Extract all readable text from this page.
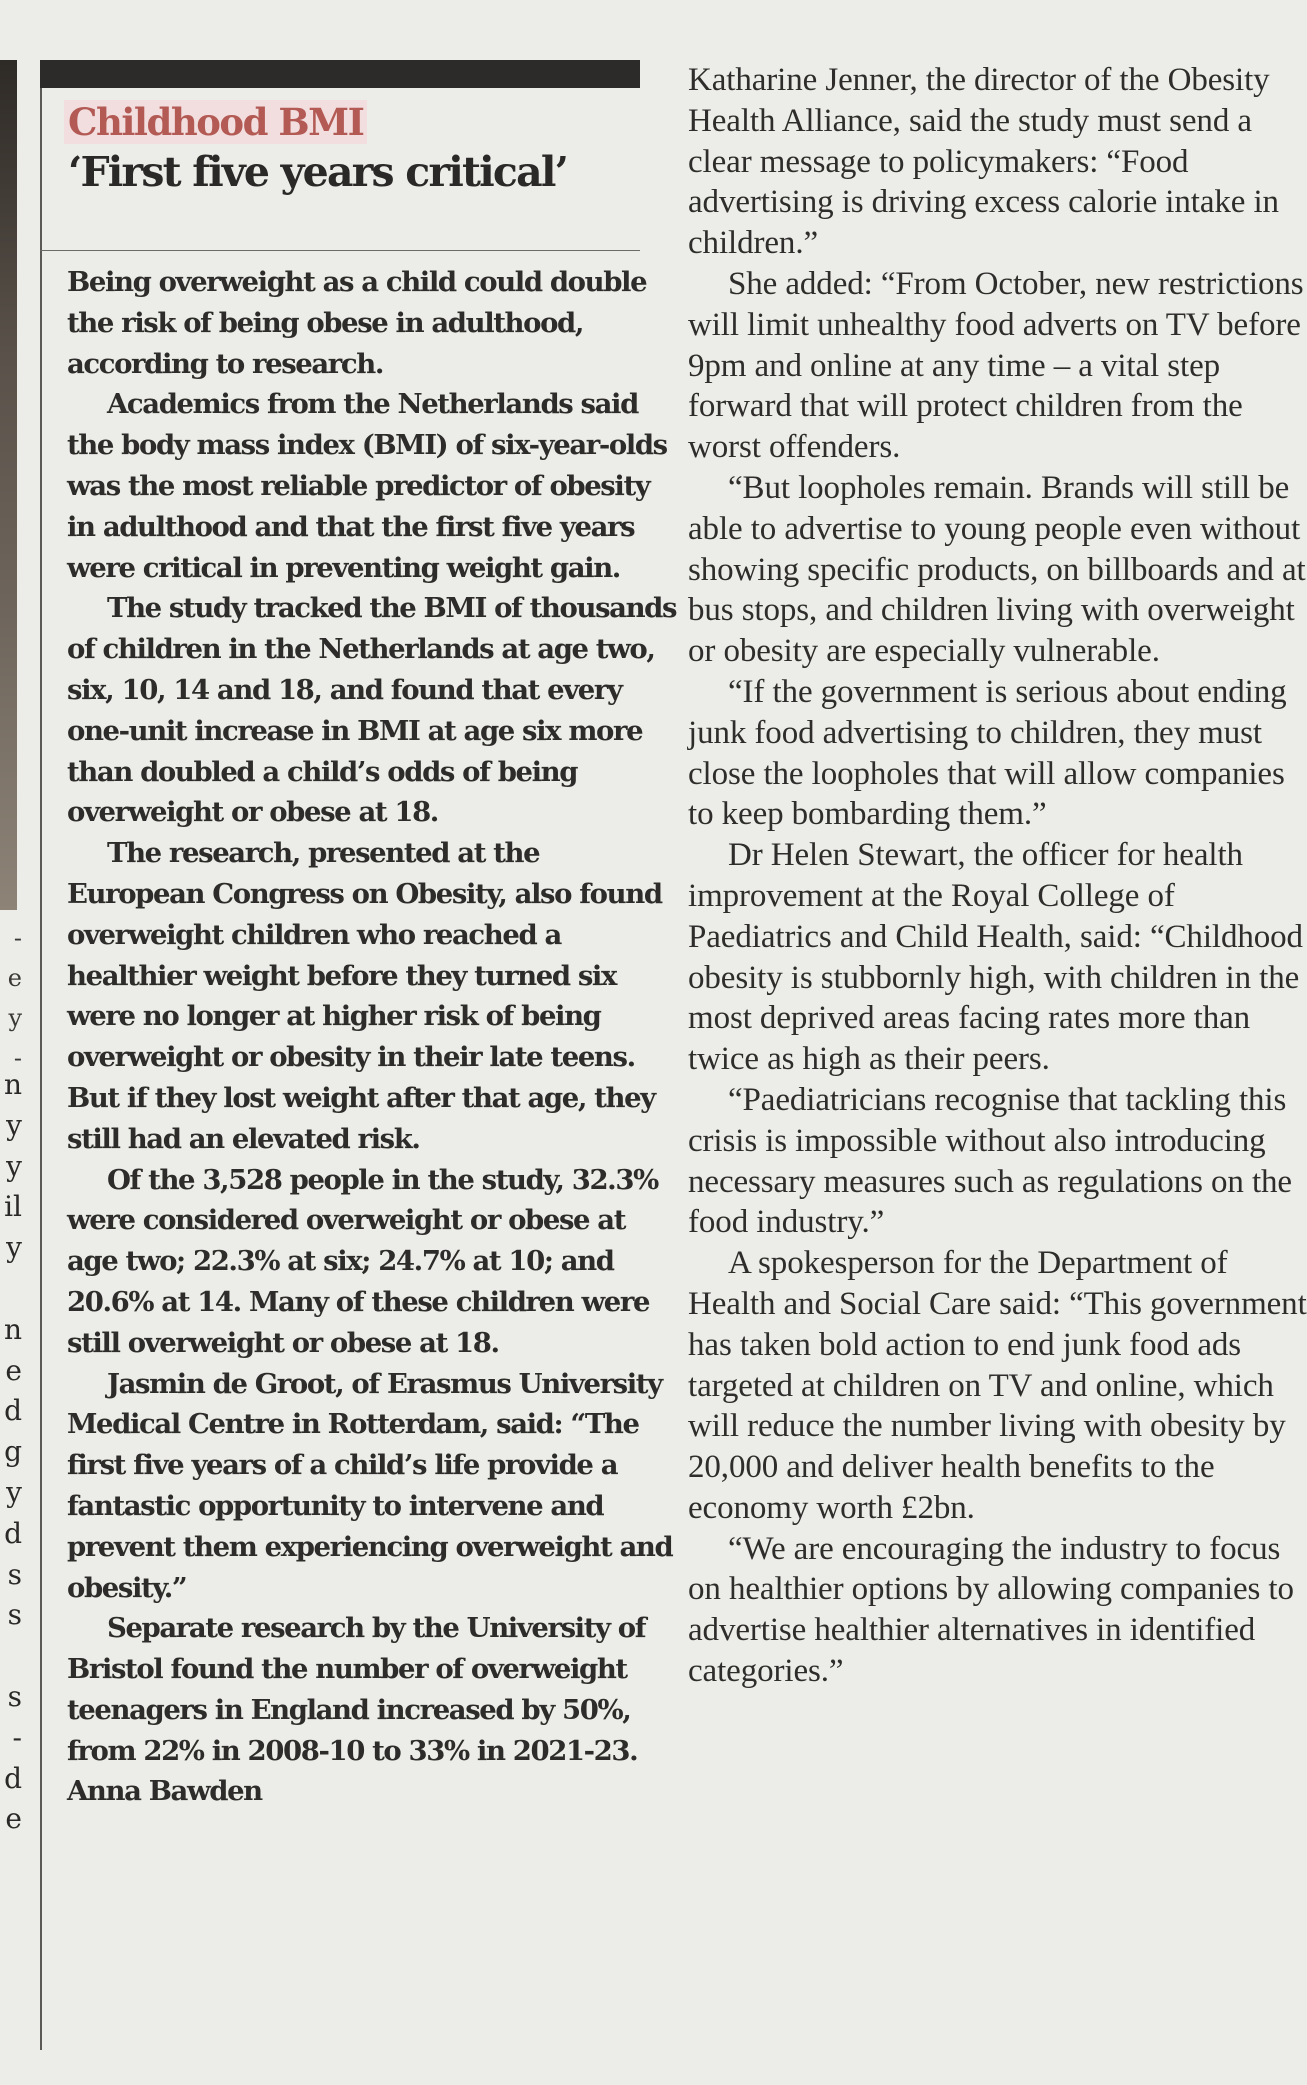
-
e
y
-
n
y
y
il
y
n
e
d
g
y
d
s
s
s
-
d
e
Childhood BMI
‘First five years critical’

Being overweight as a child could double the risk of being obese in adulthood, according to research.

Academics from the Netherlands said the body mass index (BMI) of six-year-olds was the most reliable predictor of obesity in adulthood and that the first five years were critical in preventing weight gain.

The study tracked the BMI of thousands of children in the Netherlands at age two, six, 10, 14 and 18, and found that every one-unit increase in BMI at age six more than doubled a child’s odds of being overweight or obese at 18.

The research, presented at the European Congress on Obesity, also found overweight children who reached a healthier weight before they turned six were no longer at higher risk of being overweight or obesity in their late teens. But if they lost weight after that age, they still had an elevated risk.

Of the 3,528 people in the study, 32.3% were considered overweight or obese at age two; 22.3% at six; 24.7% at 10; and 20.6% at 14. Many of these children were still overweight or obese at 18.

Jasmin de Groot, of Erasmus University Medical Centre in Rotterdam, said: “The first five years of a child’s life provide a fantastic opportunity to intervene and prevent them experiencing overweight and obesity.”

Separate research by the University of Bristol found the number of overweight teenagers in England increased by 50%, from 22% in 2008-10 to 33% in 2021-23. Anna Bawden

Katharine Jenner, the director of the Obesity Health Alliance, said the study must send a clear message to policymakers: “Food advertising is driving excess calorie intake in children.”

She added: “From October, new restrictions will limit unhealthy food adverts on TV before 9pm and online at any time – a vital step forward that will protect children from the worst offenders.

“But loopholes remain. Brands will still be able to advertise to young people even without showing specific products, on billboards and at bus stops, and children living with overweight or obesity are especially vulnerable.

“If the government is serious about ending junk food advertising to children, they must close the loopholes that will allow companies to keep bombarding them.”

Dr Helen Stewart, the officer for health improvement at the Royal College of Paediatrics and Child Health, said: “Childhood obesity is stubbornly high, with children in the most deprived areas facing rates more than twice as high as their peers.

“Paediatricians recognise that tackling this crisis is impossible without also introducing necessary measures such as regulations on the food industry.”

A spokesperson for the Department of Health and Social Care said: “This government has taken bold action to end junk food ads targeted at children on TV and online, which will reduce the number living with obesity by 20,000 and deliver health benefits to the economy worth £2bn.

“We are encouraging the industry to focus on healthier options by allowing companies to advertise healthier alternatives in identified categories.”
